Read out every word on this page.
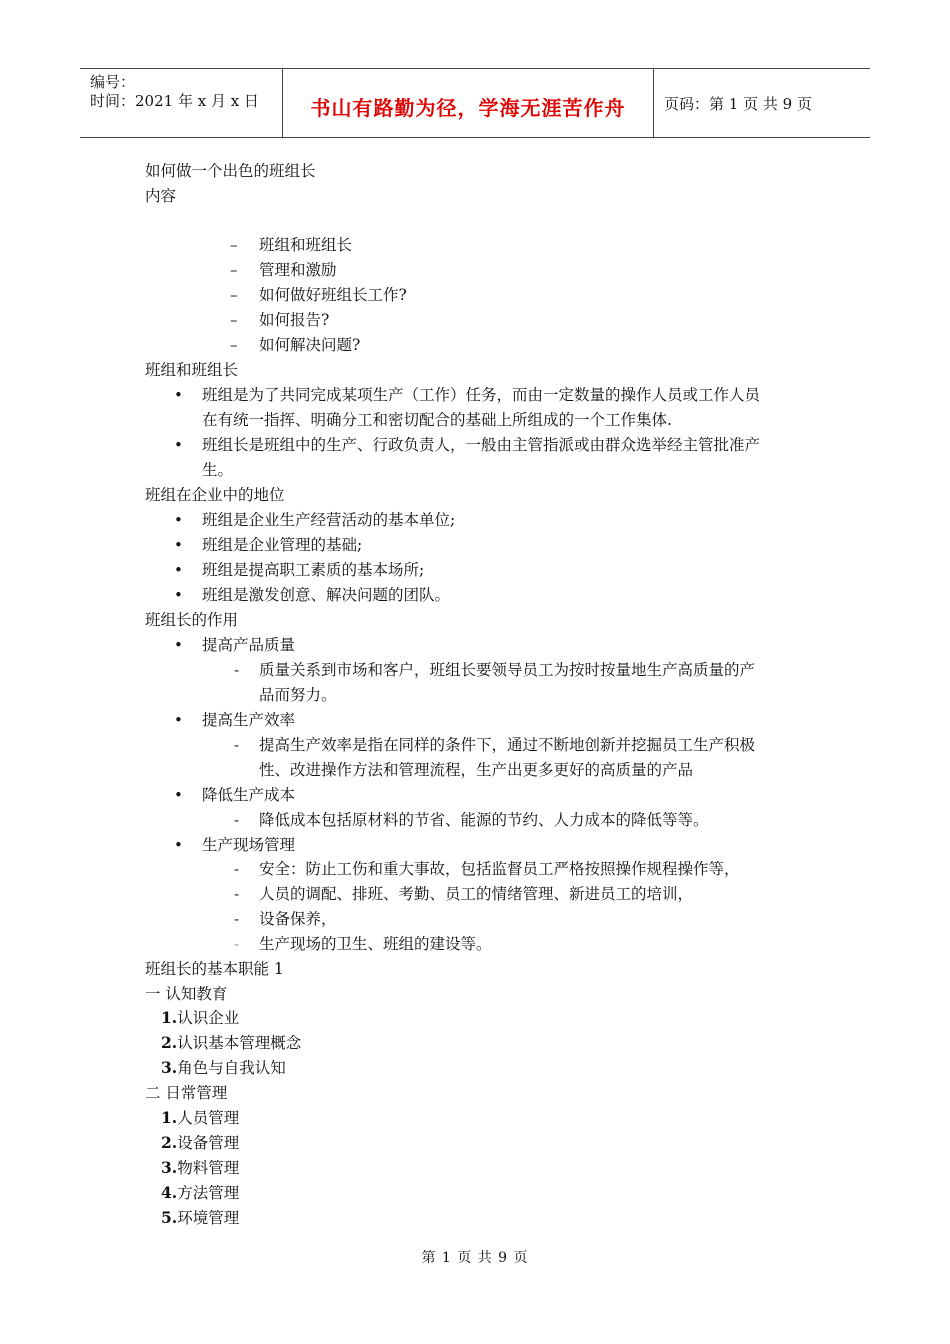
编号：
时间：2021 年 x 月 x 日	书山有路勤为径，学海无涯苦作舟	页码：第 1 页 共 9 页
如何做一个出色的班组长
内容
– 班组和班组长
– 管理和激励
– 如何做好班组长工作?
– 如何报告?
– 如何解决问题?
班组和班组长
• 班组是为了共同完成某项生产（工作）任务，而由一定数量的操作人员或工作人员
在有统一指挥、明确分工和密切配合的基础上所组成的一个工作集体.
• 班组长是班组中的生产、行政负责人，一般由主管指派或由群众选举经主管批准产
生。
班组在企业中的地位
• 班组是企业生产经营活动的基本单位;
• 班组是企业管理的基础;
• 班组是提高职工素质的基本场所;
• 班组是激发创意、解决问题的团队。
班组长的作用
• 提高产品质量
- 质量关系到市场和客户，班组长要领导员工为按时按量地生产高质量的产
品而努力。
• 提高生产效率
- 提高生产效率是指在同样的条件下，通过不断地创新并挖掘员工生产积极
性、改进操作方法和管理流程，生产出更多更好的高质量的产品
• 降低生产成本
- 降低成本包括原材料的节省、能源的节约、人力成本的降低等等。
• 生产现场管理
- 安全：防止工伤和重大事故，包括监督员工严格按照操作规程操作等，
- 人员的调配、排班、考勤、员工的情绪管理、新进员工的培训，
- 设备保养，
- 生产现场的卫生、班组的建设等。
班组长的基本职能 1
一 认知教育
1.认识企业
2.认识基本管理概念
3.角色与自我认知
二 日常管理
1.人员管理
2.设备管理
3.物料管理
4.方法管理
5.环境管理
第 1 页 共 9 页
